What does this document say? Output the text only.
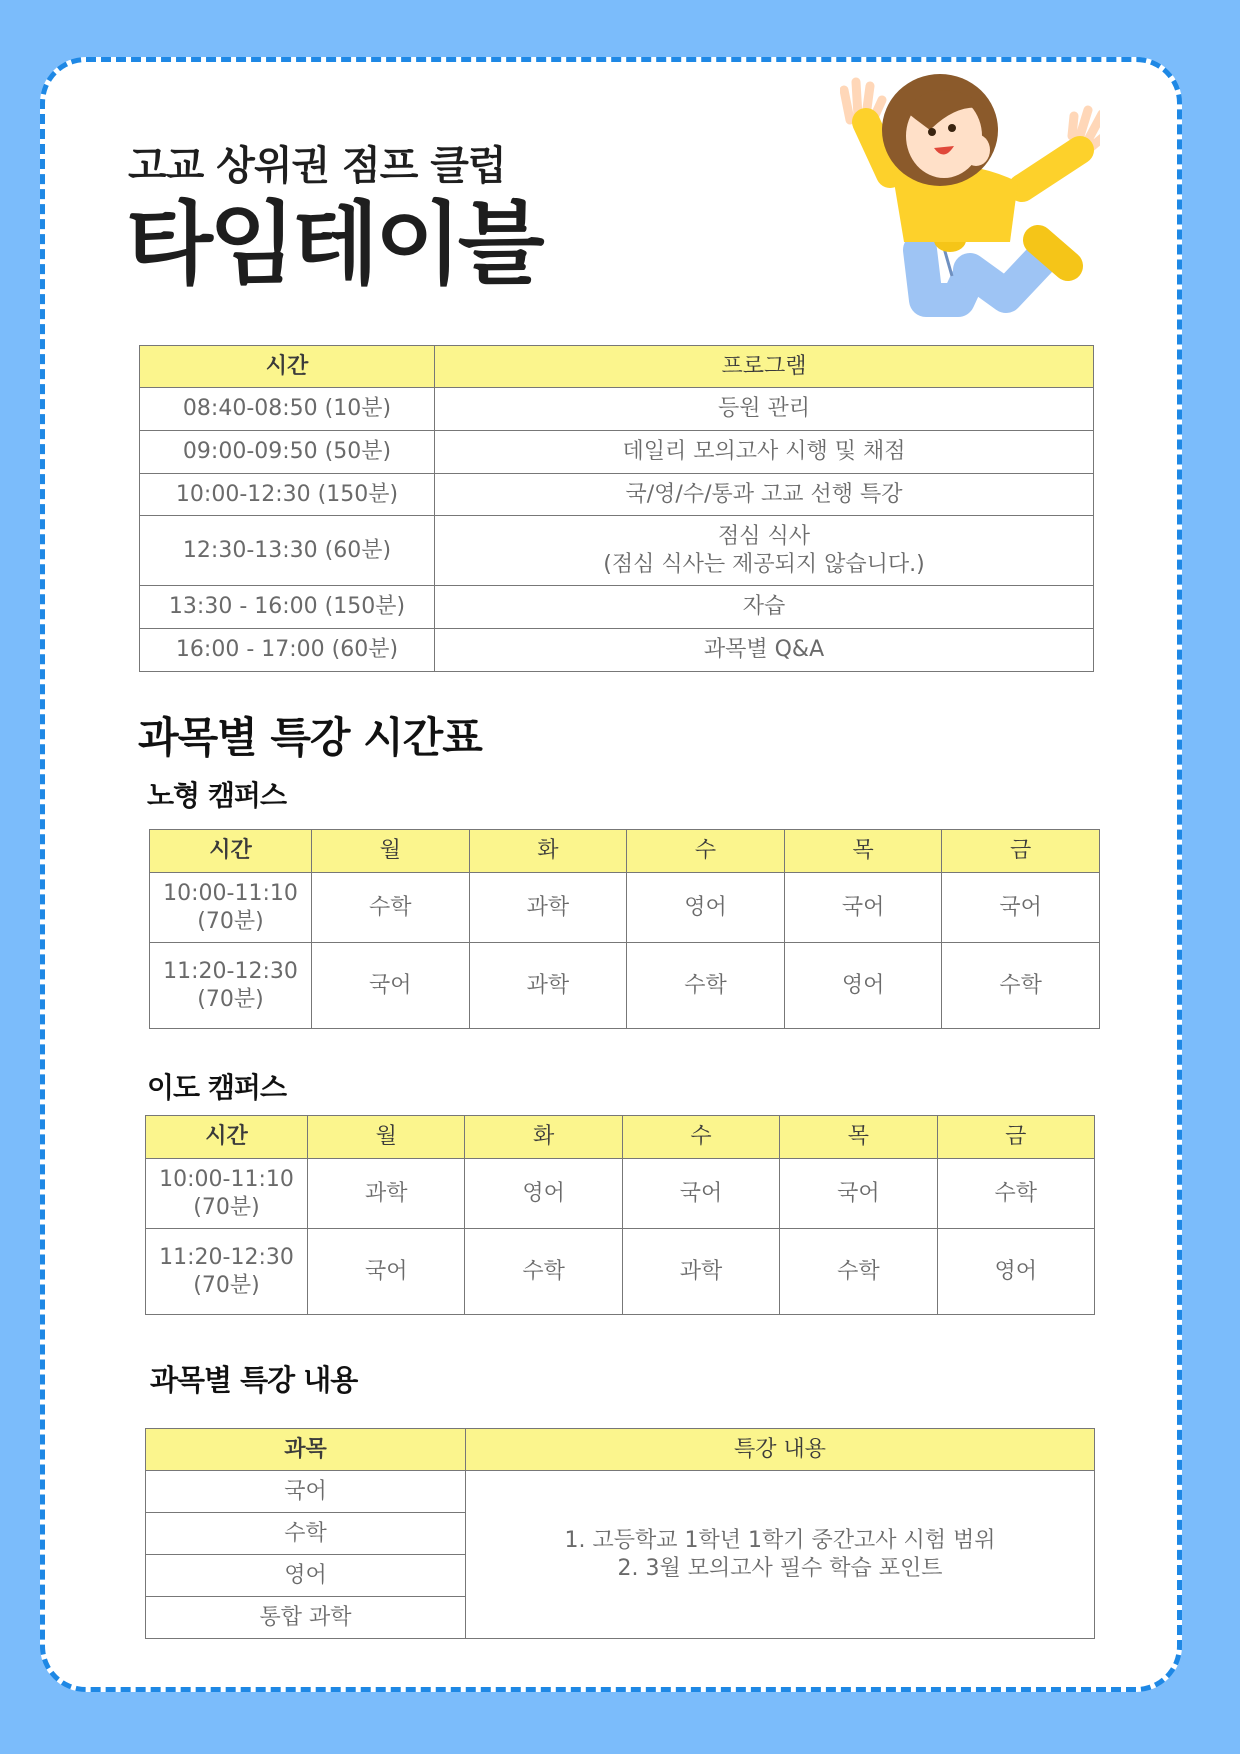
고교 상위권 점프 클럽
타임테이블
시간	프로그램
08:40-08:50 (10분)	등원 관리
09:00-09:50 (50분)	데일리 모의고사 시행 및 채점
10:00-12:30 (150분)	국/영/수/통과 고교 선행 특강
12:30-13:30 (60분)	점심 식사
(점심 식사는 제공되지 않습니다.)

13:30 - 16:00 (150분)	자습
16:00 - 17:00 (60분)	과목별 Q&A
과목별 특강 시간표
노형 캠퍼스
시간	월	화	수	목	금

10:00-11:10
(70분)	수학	과학	영어	국어	국어

11:20-12:30
(70분)	국어	과학	수학	영어	수학
이도 캠퍼스
시간	월	화	수	목	금

10:00-11:10
(70분)	과학	영어	국어	국어	수학

11:20-12:30
(70분)	국어	수학	과학	수학	영어
과목별 특강 내용
과목	특강 내용
국어	1. 고등학교 1학년 1학기 중간고사 시험 범위
2. 3월 모의고사 필수 학습 포인트

수학	
영어	
통합 과학	
